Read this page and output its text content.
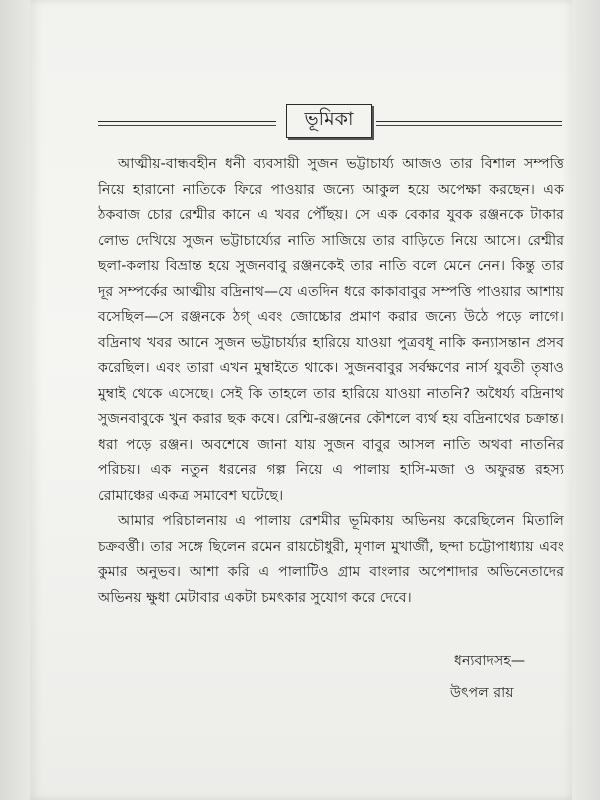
ভূমিকা

আত্মীয়-বান্ধবহীন ধনী ব্যবসায়ী সুজন ভট্টাচার্য্য আজও তার বিশাল সম্পত্তি নিয়ে হারানো নাতিকে ফিরে পাওয়ার জন্যে আকুল হয়ে অপেক্ষা করছেন। এক ঠকবাজ চোর রেশ্মীর কানে এ খবর পৌঁছয়। সে এক বেকার যুবক রঞ্জনকে টাকার লোভ দেখিয়ে সুজন ভট্টাচার্য্যের নাতি সাজিয়ে তার বাড়িতে নিয়ে আসে। রেশ্মীর ছলা-কলায় বিভ্রান্ত হয়ে সুজনবাবু রঞ্জনকেই তার নাতি বলে মেনে নেন। কিন্তু তার দূর সম্পর্কের আত্মীয় বদ্রিনাথ—যে এতদিন ধরে কাকাবাবুর সম্পত্তি পাওয়ার আশায় বসেছিল—সে রঞ্জনকে ঠগ্ এবং জোচ্চোর প্রমাণ করার জন্যে উঠে পড়ে লাগে। বদ্রিনাথ খবর আনে সুজন ভট্টাচার্য্যর হারিয়ে যাওয়া পুত্রবধূ নাকি কন্যাসন্তান প্রসব করেছিল। এবং তারা এখন মুম্বাইতে থাকে। সুজনবাবুর সর্বক্ষণের নার্স যুবতী তৃষাও মুম্বাই থেকে এসেছে। সেই কি তাহলে তার হারিয়ে যাওয়া নাতনি? অধৈর্য্য বদ্রিনাথ সুজনবাবুকে খুন করার ছক কষে। রেশ্মি-রঞ্জনের কৌশলে ব্যর্থ হয় বদ্রিনাথের চক্রান্ত। ধরা পড়ে রঞ্জন। অবশেষে জানা যায় সুজন বাবুর আসল নাতি অথবা নাতনির পরিচয়। এক নতুন ধরনের গল্প নিয়ে এ পালায় হাসি-মজা ও অফুরন্ত রহস্য রোমাঞ্চের একত্র সমাবেশ ঘটেছে।

আমার পরিচালনায় এ পালায় রেশমীর ভূমিকায় অভিনয় করেছিলেন মিতালি চক্রবর্ত্তী। তার সঙ্গে ছিলেন রমেন রায়চৌধুরী, মৃণাল মুখার্জী, ছন্দা চট্টোপাধ্যায় এবং কুমার অনুভব। আশা করি এ পালাটিও গ্রাম বাংলার অপেশাদার অভিনেতাদের অভিনয় ক্ষুধা মেটাবার একটা চমৎকার সুযোগ করে দেবে।

ধন্যবাদসহ—
উৎপল রায়
